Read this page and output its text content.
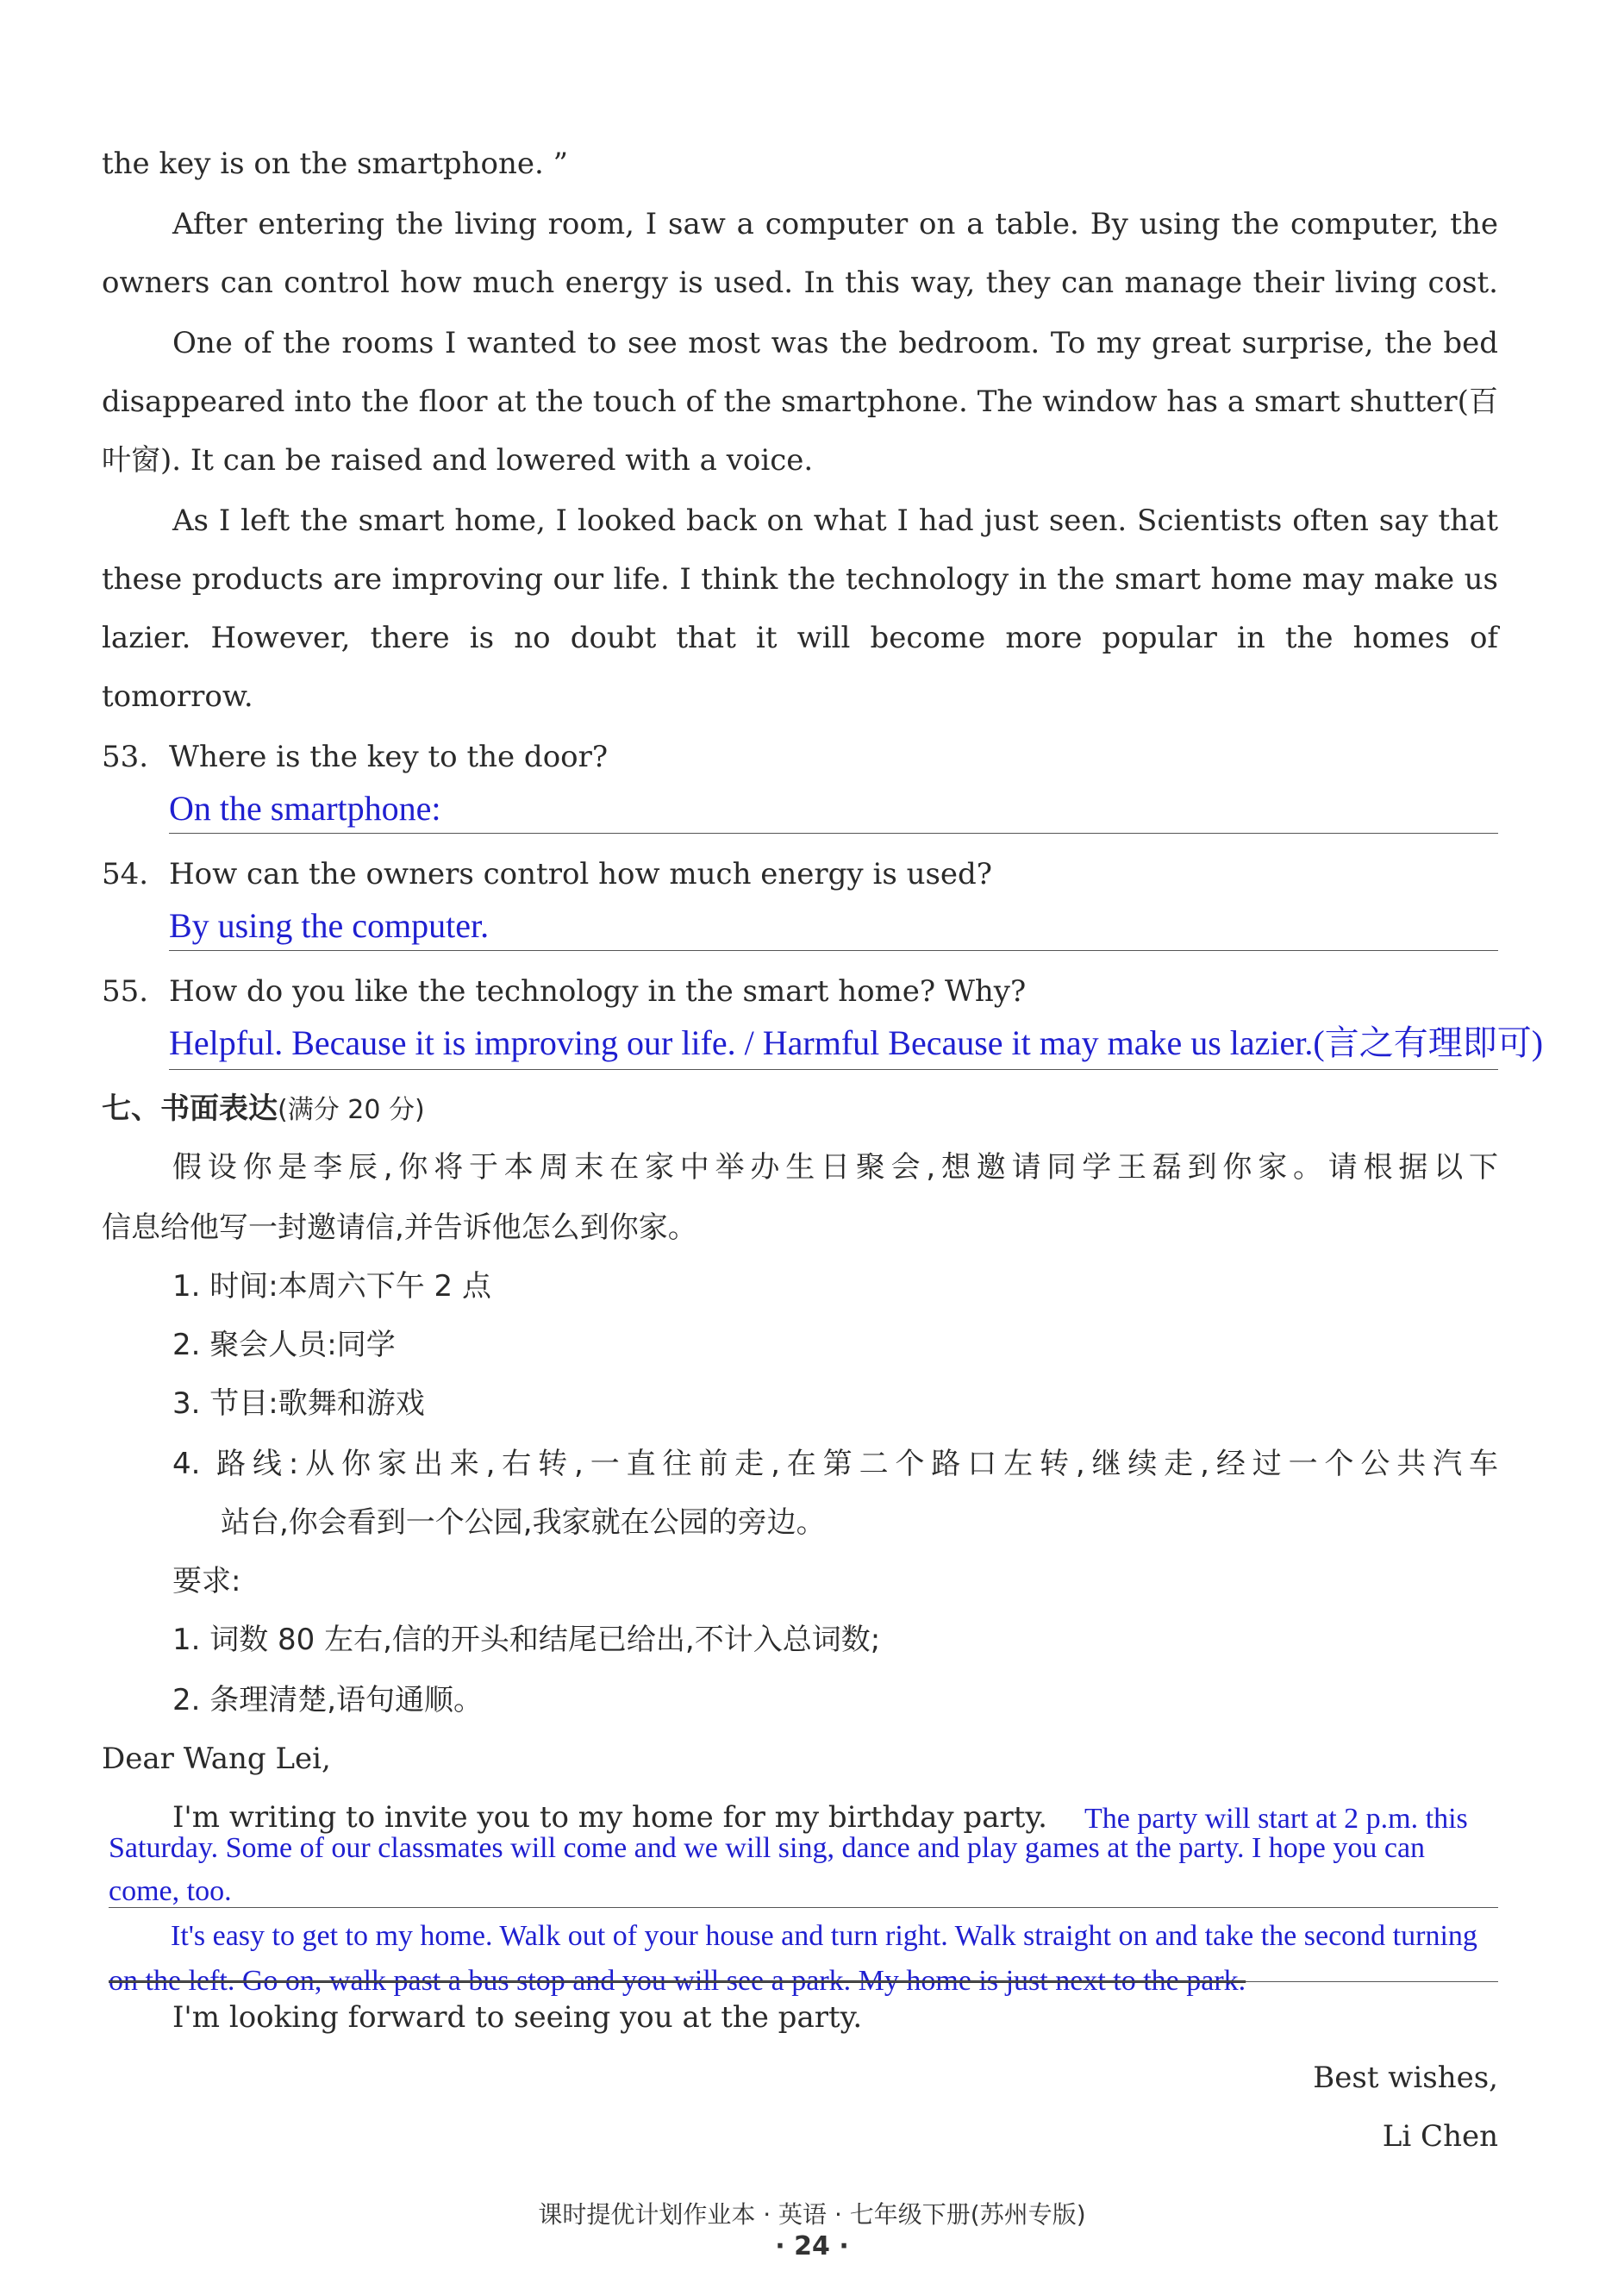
the key is on the smartphone. ”

After entering the living room, I saw a computer on a table. By using the computer, the

owners can control how much energy is used. In this way, they can manage their living cost.

One of the rooms I wanted to see most was the bedroom. To my great surprise, the bed

disappeared into the floor at the touch of the smartphone. The window has a smart shutter(百

叶窗). It can be raised and lowered with a voice.

As I left the smart home, I looked back on what I had just seen. Scientists often say that

these products are improving our life. I think the technology in the smart home may make us

lazier. However, there is no doubt that it will become more popular in the homes of

tomorrow.

53. Where is the key to the door?

On the smartphone:

54. How can the owners control how much energy is used?

By using the computer.

55. How do you like the technology in the smart home? Why?

Helpful. Because it is improving our life. / Harmful Because it may make us lazier.(言之有理即可)

七、书面表达(满分 20 分)

假设你是李辰,你将于本周末在家中举办生日聚会,想邀请同学王磊到你家。请根据以下

信息给他写一封邀请信,并告诉他怎么到你家。

1. 时间:本周六下午 2 点

2. 聚会人员:同学

3. 节目:歌舞和游戏

4. 路线:从你家出来,右转,一直往前走,在第二个路口左转,继续走,经过一个公共汽车

站台,你会看到一个公园,我家就在公园的旁边。

要求:

1. 词数 80 左右,信的开头和结尾已给出,不计入总词数;

2. 条理清楚,语句通顺。

Dear Wang Lei,

I'm writing to invite you to my home for my birthday party. The party will start at 2 p.m. this
Saturday. Some of our classmates will come and we will sing, dance and play games at the party. I hope you can
come, too.
It's easy to get to my home. Walk out of your house and turn right. Walk straight on and take the second turning
on the left. Go on, walk past a bus stop and you will see a park. My home is just next to the park.

I'm looking forward to seeing you at the party.

Best wishes,

Li Chen

课时提优计划作业本 · 英语 · 七年级下册(苏州专版)
· 24 ·
